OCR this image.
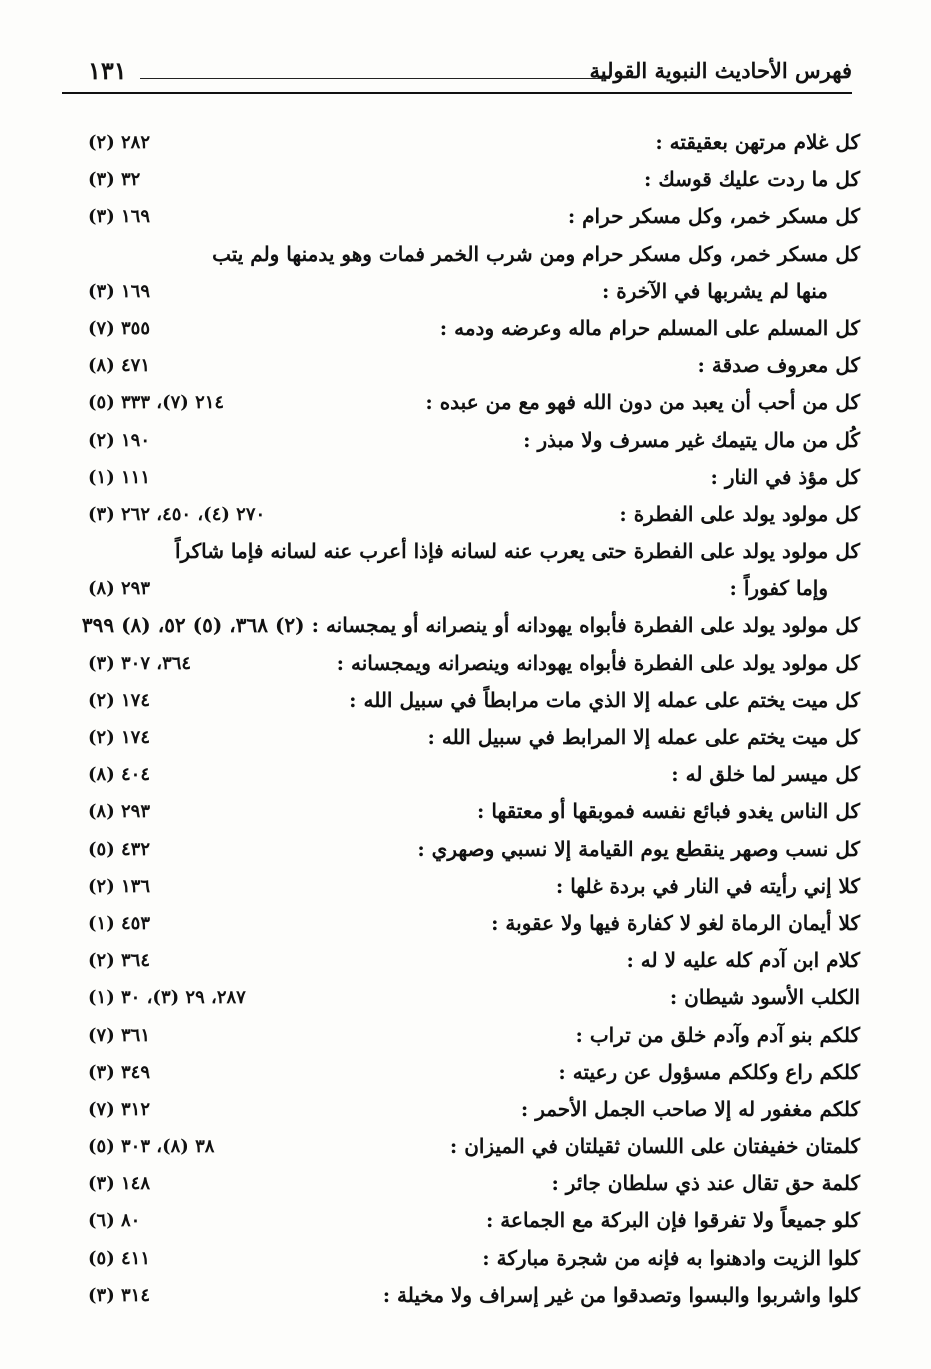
فهرس الأحاديث النبوية القولية
١٣١
كل غلام مرتهن بعقيقته :
٢٨٢ (٢)
كل ما ردت عليك قوسك :
٣٢ (٣)
كل مسكر خمر، وكل مسكر حرام :
١٦٩ (٣)
كل مسكر خمر، وكل مسكر حرام ومن شرب الخمر فمات وهو يدمنها ولم يتب
منها لم يشربها في الآخرة :
١٦٩ (٣)
كل المسلم على المسلم حرام ماله وعرضه ودمه :
٣٥٥ (٧)
كل معروف صدقة :
٤٧١ (٨)
كل من أحب أن يعبد من دون الله فهو مع من عبده :
٢١٤ (٧)، ٣٣٣ (٥)
كُل من مال يتيمك غير مسرف ولا مبذر :
١٩٠ (٢)
كل مؤذ في النار :
١١١ (١)
كل مولود يولد على الفطرة :
٢٧٠ (٤)، ٤٥٠، ٢٦٢ (٣)
كل مولود يولد على الفطرة حتى يعرب عنه لسانه فإذا أعرب عنه لسانه فإما شاكراً
وإما كفوراً :
٢٩٣ (٨)
كل مولود يولد على الفطرة فأبواه يهودانه أو ينصرانه أو يمجسانه : (٢) ٣٦٨، (٥) ٥٢، (٨) ٣٩٩
كل مولود يولد على الفطرة فأبواه يهودانه وينصرانه ويمجسانه :
٣٦٤، ٣٠٧ (٣)
كل ميت يختم على عمله إلا الذي مات مرابطاً في سبيل الله :
١٧٤ (٢)
كل ميت يختم على عمله إلا المرابط في سبيل الله :
١٧٤ (٢)
كل ميسر لما خلق له :
٤٠٤ (٨)
كل الناس يغدو فبائع نفسه فموبقها أو معتقها :
٢٩٣ (٨)
كل نسب وصهر ينقطع يوم القيامة إلا نسبي وصهري :
٤٣٢ (٥)
كلا إني رأيته في النار في بردة غلها :
١٣٦ (٢)
كلا أيمان الرماة لغو لا كفارة فيها ولا عقوبة :
٤٥٣ (١)
كلام ابن آدم كله عليه لا له :
٣٦٤ (٢)
الكلب الأسود شيطان :
٢٨٧، ٢٩ (٣)، ٣٠ (١)
كلكم بنو آدم وآدم خلق من تراب :
٣٦١ (٧)
كلكم راع وكلكم مسؤول عن رعيته :
٣٤٩ (٣)
كلكم مغفور له إلا صاحب الجمل الأحمر :
٣١٢ (٧)
كلمتان خفيفتان على اللسان ثقيلتان في الميزان :
٣٨ (٨)، ٣٠٣ (٥)
كلمة حق تقال عند ذي سلطان جائر :
١٤٨ (٣)
كلو جميعاً ولا تفرقوا فإن البركة مع الجماعة :
٨٠ (٦)
كلوا الزيت وادهنوا به فإنه من شجرة مباركة :
٤١١ (٥)
كلوا واشربوا والبسوا وتصدقوا من غير إسراف ولا مخيلة :
٣١٤ (٣)
